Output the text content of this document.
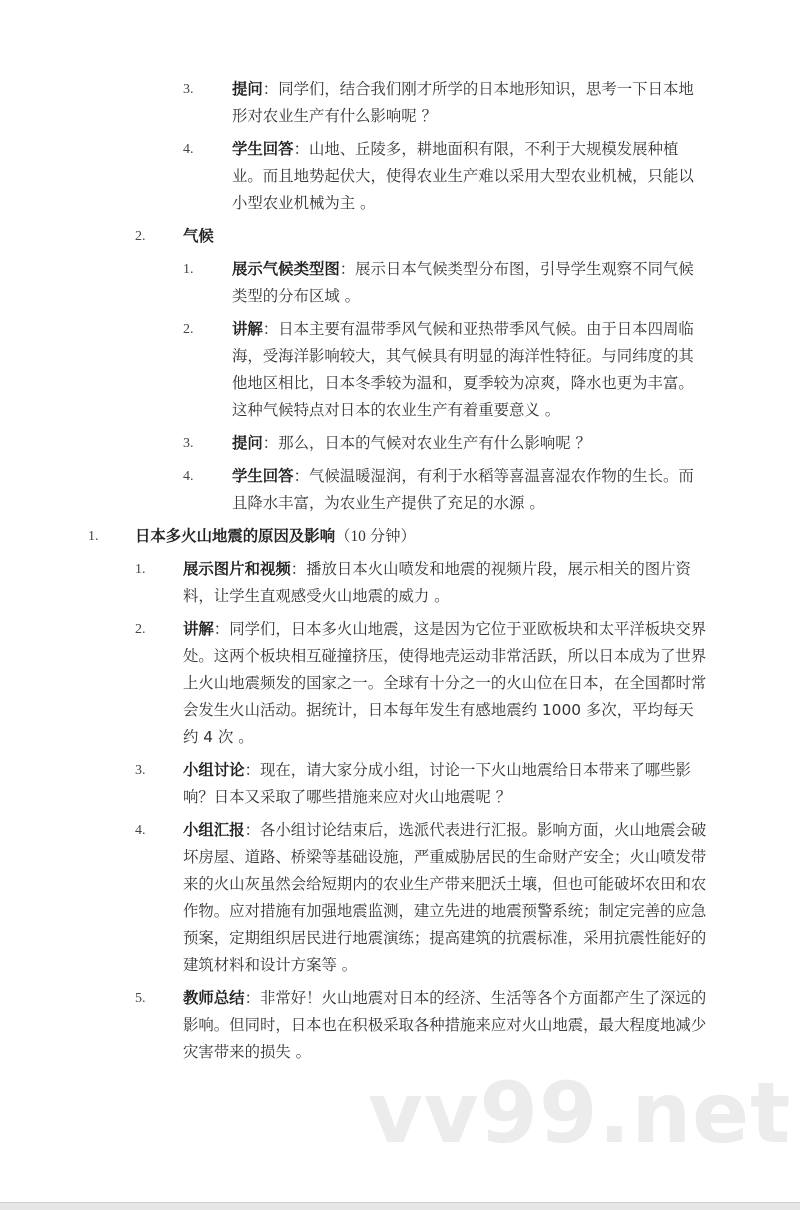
3.	提问：同学们，结合我们刚才所学的日本地形知识，思考一下日本地形对农业生产有什么影响呢 ？
4.	学生回答：山地、丘陵多，耕地面积有限，不利于大规模发展种植业。而且地势起伏大，使得农业生产难以采用大型农业机械，只能以小型农业机械为主 。
2. 气候
1.	展示气候类型图：展示日本气候类型分布图，引导学生观察不同气候类型的分布区域 。
2.	讲解：日本主要有温带季风气候和亚热带季风气候。由于日本四周临海，受海洋影响较大，其气候具有明显的海洋性特征。与同纬度的其他地区相比，日本冬季较为温和，夏季较为凉爽，降水也更为丰富。这种气候特点对日本的农业生产有着重要意义 。
3.	提问：那么，日本的气候对农业生产有什么影响呢 ？
4.	学生回答：气候温暖湿润，有利于水稻等喜温喜湿农作物的生长。而且降水丰富，为农业生产提供了充足的水源 。
1. 日本多火山地震的原因及影响（10 分钟）
1. 展示图片和视频：播放日本火山喷发和地震的视频片段，展示相关的图片资料，让学生直观感受火山地震的威力 。
2. 讲解：同学们，日本多火山地震，这是因为它位于亚欧板块和太平洋板块交界处。这两个板块相互碰撞挤压，使得地壳运动非常活跃，所以日本成为了世界上火山地震频发的国家之一。全球有十分之一的火山位在日本，在全国都时常会发生火山活动。据统计，日本每年发生有感地震约 1000 多次，平均每天约 4 次 。
3. 小组讨论：现在，请大家分成小组，讨论一下火山地震给日本带来了哪些影响？日本又采取了哪些措施来应对火山地震呢 ？
4. 小组汇报：各小组讨论结束后，选派代表进行汇报。影响方面，火山地震会破坏房屋、道路、桥梁等基础设施，严重威胁居民的生命财产安全；火山喷发带来的火山灰虽然会给短期内的农业生产带来肥沃土壤，但也可能破坏农田和农作物。应对措施有加强地震监测，建立先进的地震预警系统；制定完善的应急预案，定期组织居民进行地震演练；提高建筑的抗震标准，采用抗震性能好的建筑材料和设计方案等 。
5. 教师总结：非常好！火山地震对日本的经济、生活等各个方面都产生了深远的影响。但同时，日本也在积极采取各种措施来应对火山地震，最大程度地减少灾害带来的损失 。
vv99.net
